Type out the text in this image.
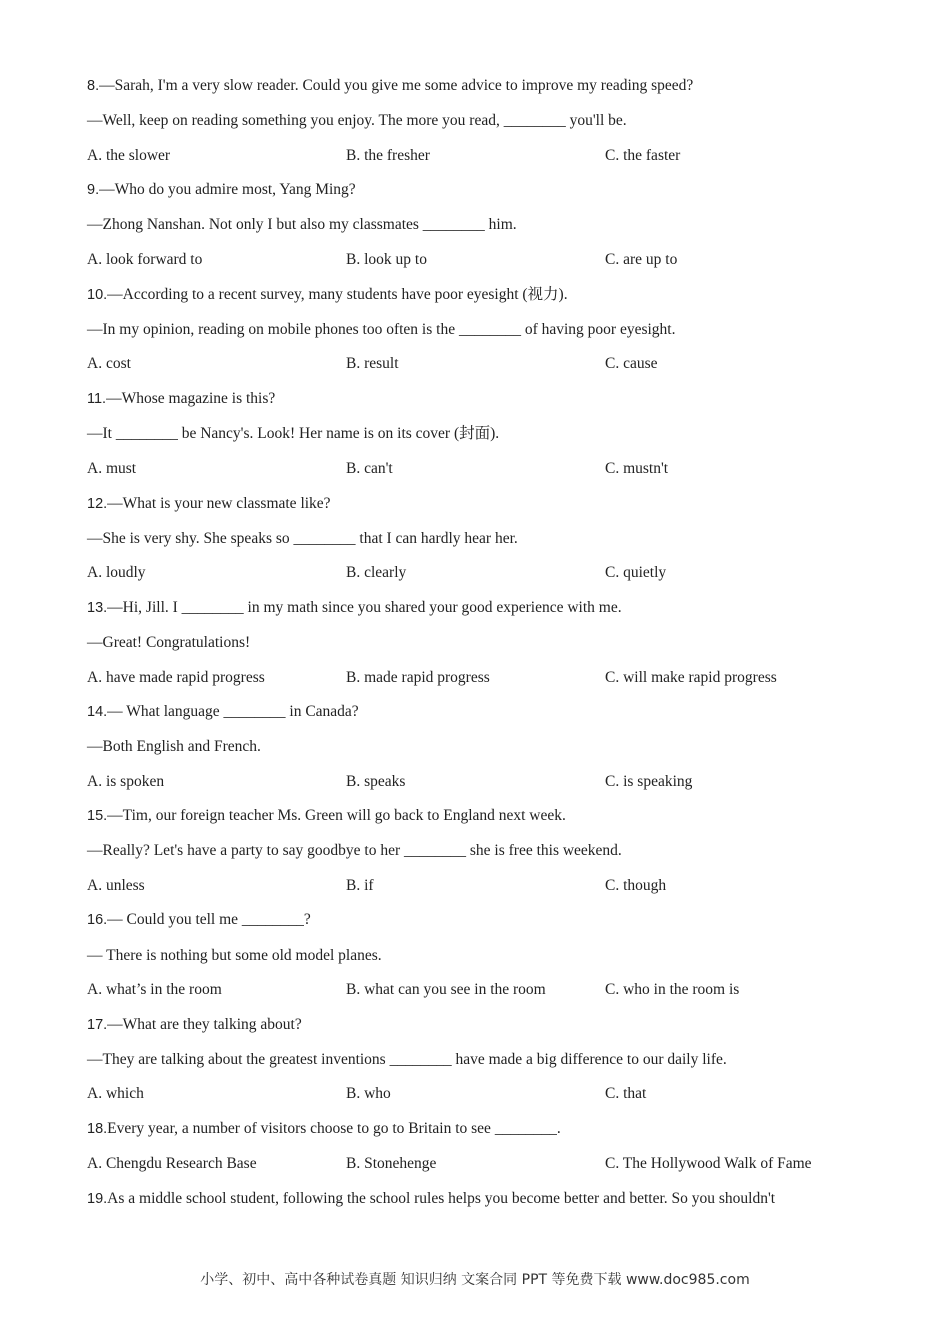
8.—Sarah, I'm a very slow reader. Could you give me some advice to improve my reading speed?
—Well, keep on reading something you enjoy. The more you read, ________ you'll be.
A. the slower	B. the fresher	C. the faster
9.—Who do you admire most, Yang Ming?
—Zhong Nanshan. Not only I but also my classmates ________ him.
A. look forward to	B. look up to	C. are up to
10.—According to a recent survey, many students have poor eyesight (视力).
—In my opinion, reading on mobile phones too often is the ________ of having poor eyesight.
A. cost	B. result	C. cause
11.—Whose magazine is this?
—It ________ be Nancy's. Look! Her name is on its cover (封面).
A. must	B. can't	C. mustn't
12.—What is your new classmate like?
—She is very shy. She speaks so ________ that I can hardly hear her.
A. loudly	B. clearly	C. quietly
13.—Hi, Jill. I ________ in my math since you shared your good experience with me.
—Great! Congratulations!
A. have made rapid progress	B. made rapid progress	C. will make rapid progress
14.— What language ________ in Canada?
—Both English and French.
A. is spoken	B. speaks	C. is speaking
15.—Tim, our foreign teacher Ms. Green will go back to England next week.
—Really? Let's have a party to say goodbye to her ________ she is free this weekend.
A. unless	B. if	C. though
16.— Could you tell me ________?
— There is nothing but some old model planes.
A. what’s in the room	B. what can you see in the room	C. who in the room is
17.—What are they talking about?
—They are talking about the greatest inventions ________ have made a big difference to our daily life.
A. which	B. who	C. that
18.Every year, a number of visitors choose to go to Britain to see ________.
A. Chengdu Research Base	B. Stonehenge	C. The Hollywood Walk of Fame
19.As a middle school student, following the school rules helps you become better and better. So you shouldn't
小学、初中、高中各种试卷真题 知识归纳 文案合同 PPT 等免费下载 www.doc985.com
